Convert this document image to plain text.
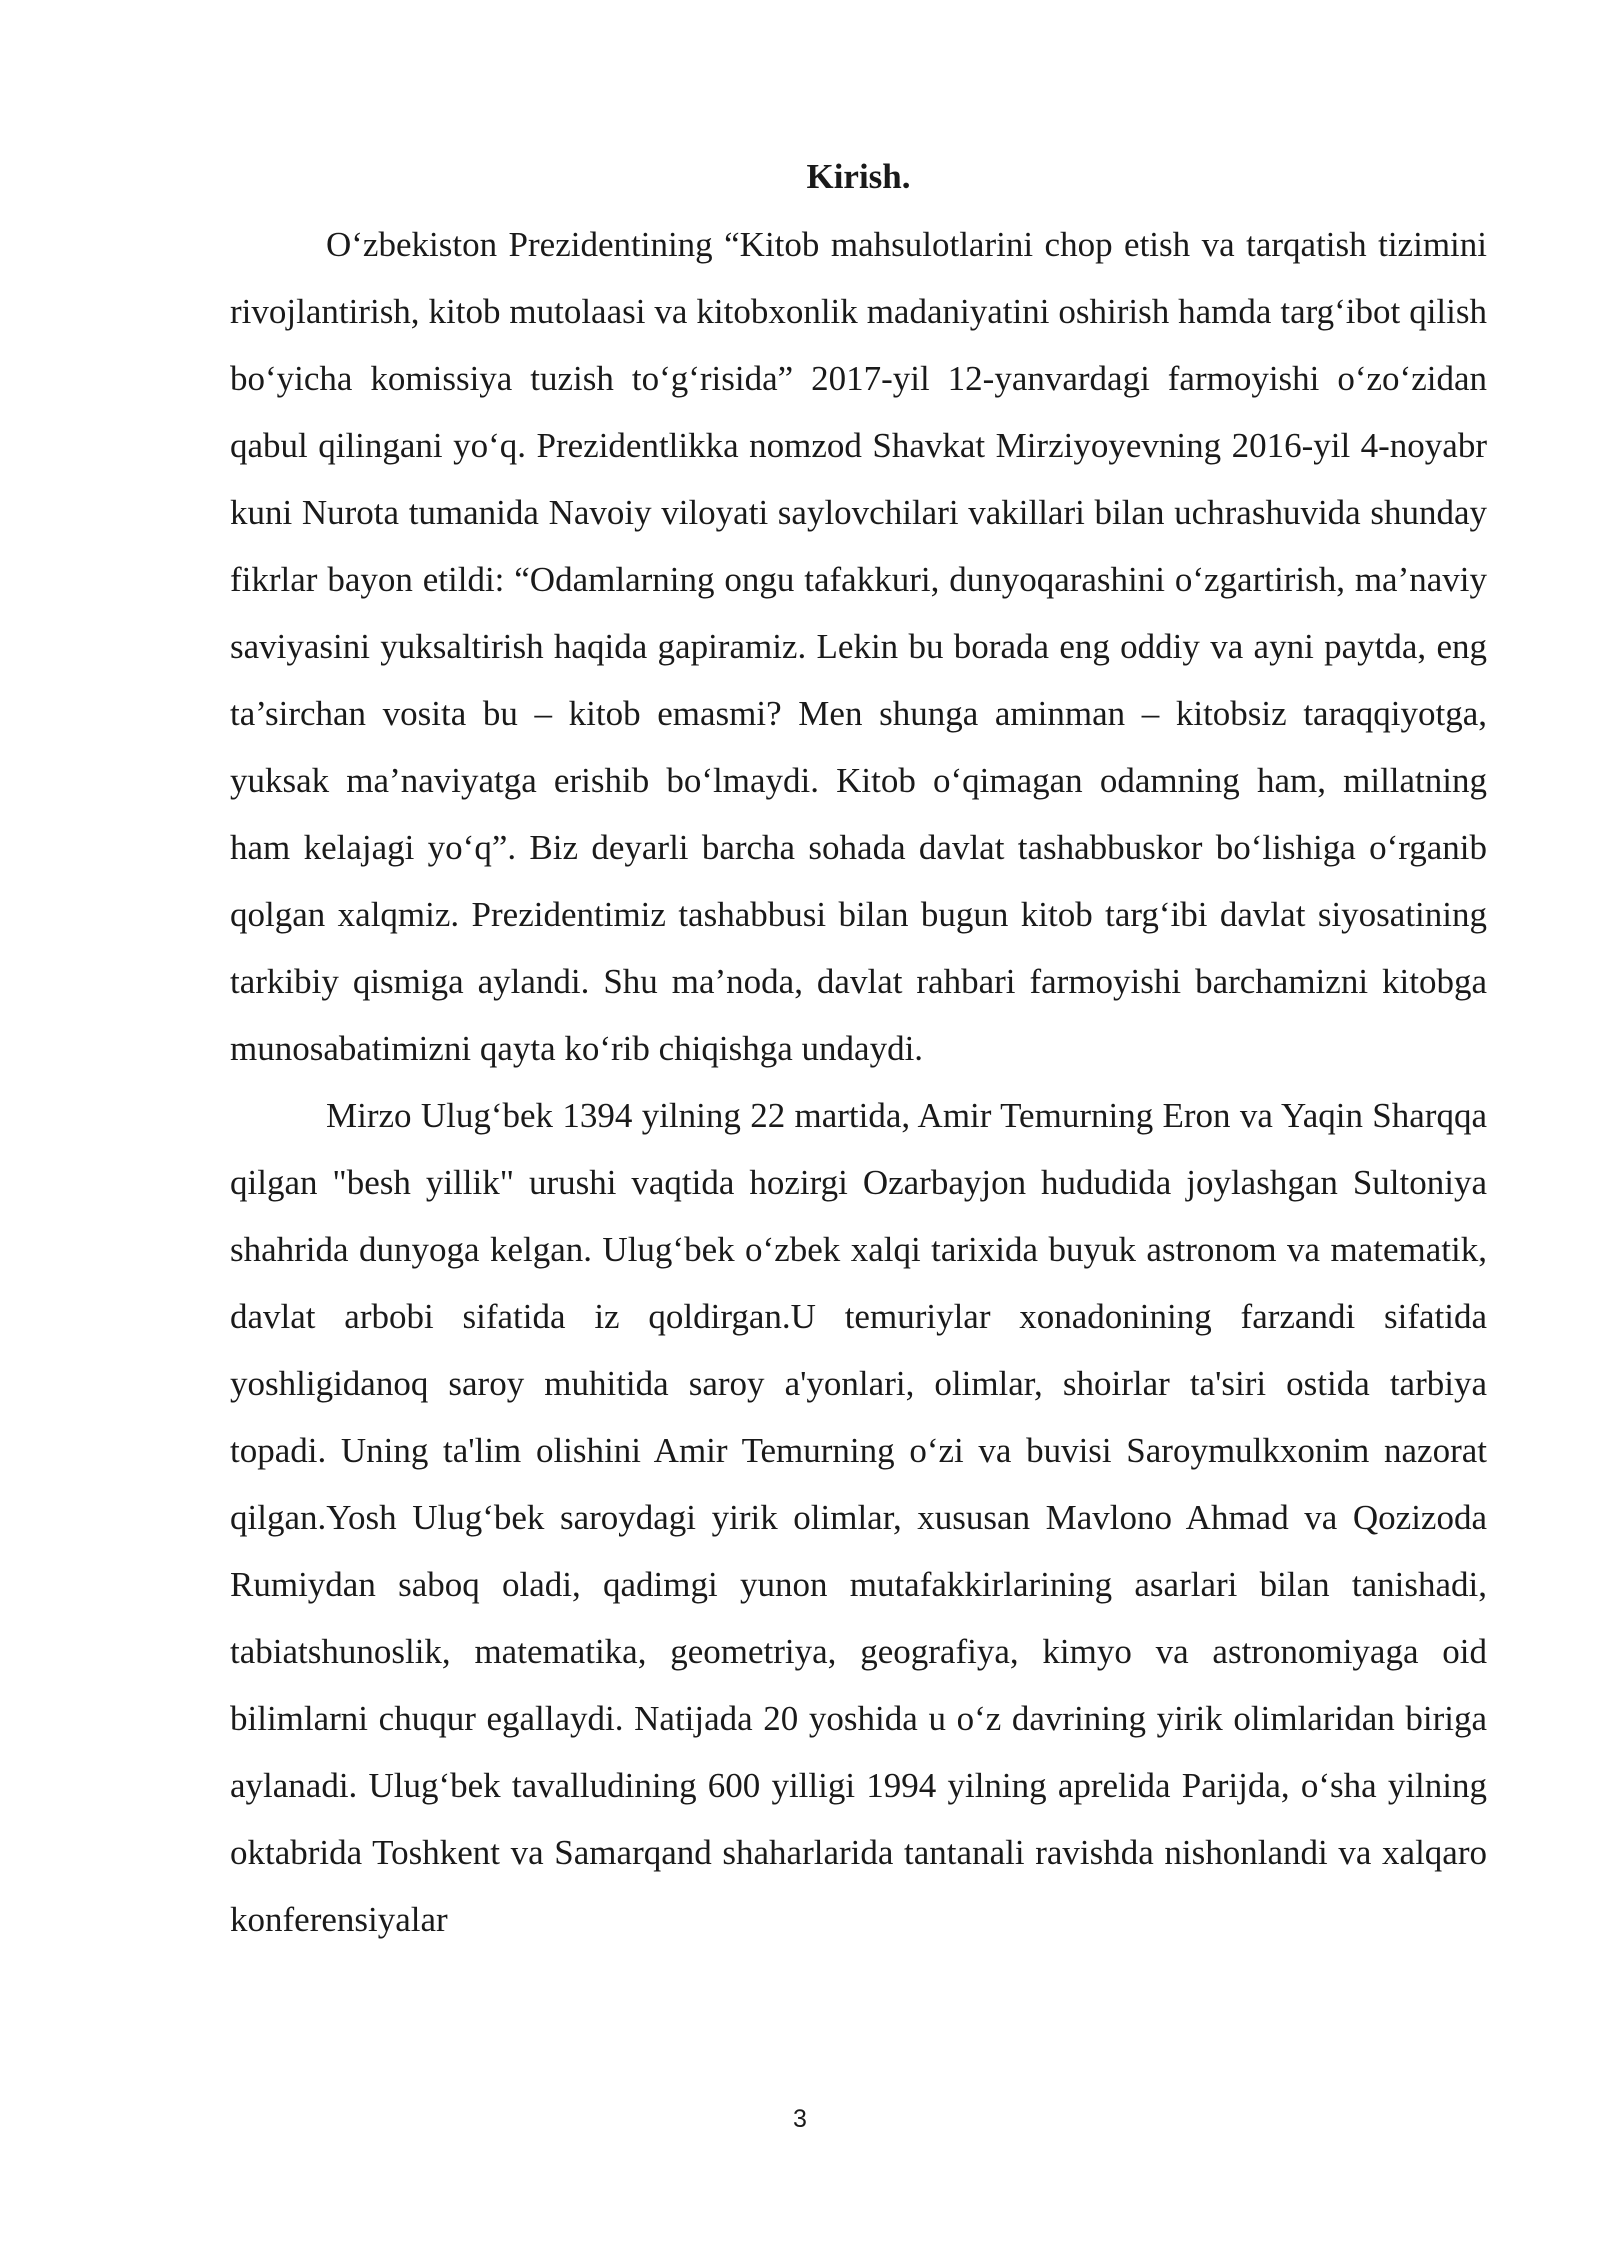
Kirish.

O‘zbekiston Prezidentining “Kitob mahsulotlarini chop etish va tarqatish tizimini rivojlantirish, kitob mutolaasi va kitobxonlik madaniyatini oshirish hamda targ‘ibot qilish bo‘yicha komissiya tuzish to‘g‘risida” 2017-yil 12-yanvardagi farmoyishi o‘zo‘zidan qabul qilingani yo‘q. Prezidentlikka nomzod Shavkat Mirziyoyevning 2016-yil 4-noyabr kuni Nurota tumanida Navoiy viloyati saylovchilari vakillari bilan uchrashuvida shunday fikrlar bayon etildi: “Odamlarning ongu tafakkuri, dunyoqarashini o‘zgartirish, ma’naviy saviyasini yuksaltirish haqida gapiramiz. Lekin bu borada eng oddiy va ayni paytda, eng ta’sirchan vosita bu – kitob emasmi? Men shunga aminman – kitobsiz taraqqiyotga, yuksak ma’naviyatga erishib bo‘lmaydi. Kitob o‘qimagan odamning ham, millatning ham kelajagi yo‘q”. Biz deyarli barcha sohada davlat tashabbuskor bo‘lishiga o‘rganib qolgan xalqmiz. Prezidentimiz tashabbusi bilan bugun kitob targ‘ibi davlat siyosatining tarkibiy qismiga aylandi. Shu ma’noda, davlat rahbari farmoyishi barchamizni kitobga munosabatimizni qayta ko‘rib chiqishga undaydi.

Mirzo Ulug‘bek 1394 yilning 22 martida, Amir Temurning Eron va Yaqin Sharqqa qilgan "besh yillik" urushi vaqtida hozirgi Ozarbayjon hududida joylashgan Sultoniya shahrida dunyoga kelgan. Ulug‘bek o‘zbek xalqi tarixida buyuk astronom va matematik, davlat arbobi sifatida iz qoldirgan.U temuriylar xonadonining farzandi sifatida yoshligidanoq saroy muhitida saroy a'yonlari, olimlar, shoirlar ta'siri ostida tarbiya topadi. Uning ta'lim olishini Amir Temurning o‘zi va buvisi Saroymulkxonim nazorat qilgan.Yosh Ulug‘bek saroydagi yirik olimlar, xususan Mavlono Ahmad va Qozizoda Rumiydan saboq oladi, qadimgi yunon mutafakkirlarining asarlari bilan tanishadi, tabiatshunoslik, matematika, geometriya, geografiya, kimyo va astronomiyaga oid bilimlarni chuqur egallaydi. Natijada 20 yoshida u o‘z davrining yirik olimlaridan biriga aylanadi. Ulug‘bek tavalludining 600 yilligi 1994 yilning aprelida Parijda, o‘sha yilning oktabrida Toshkent va Samarqand shaharlarida tantanali ravishda nishonlandi va xalqaro konferensiyalar

3
